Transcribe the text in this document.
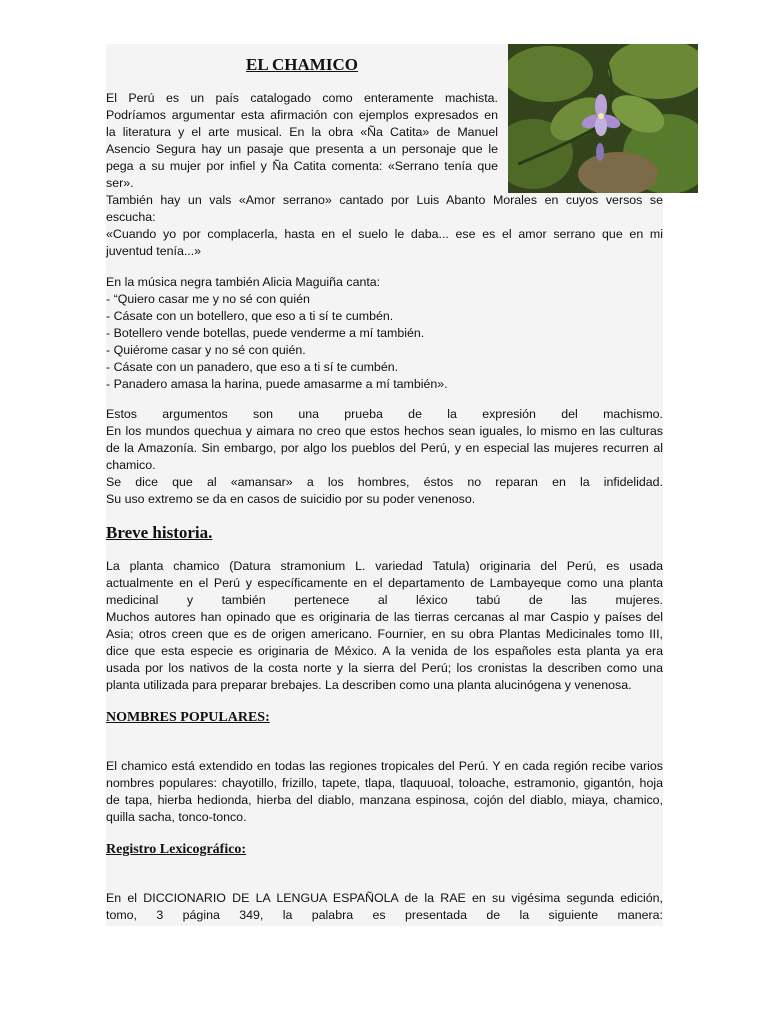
EL CHAMICO

El Perú es un país catalogado como enteramente machista.

Podríamos argumentar esta afirmación con ejemplos expresados en

la literatura y el arte musical. En la obra «Ña Catita» de Manuel

Asencio Segura hay un pasaje que presenta a un personaje que le

pega a su mujer por infiel y Ña Catita comenta: «Serrano tenía que

ser».

También hay un vals «Amor serrano» cantado por Luis Abanto Morales en cuyos versos se

escucha:

«Cuando yo por complacerla, hasta en el suelo le daba... ese es el amor serrano que en mi

juventud tenía...»

En la música negra también Alicia Maguiña canta:

- “Quiero casar me y no sé con quién

- Cásate con un botellero, que eso a ti sí te cumbén.

- Botellero vende botellas, puede venderme a mí también.

- Quiérome casar y no sé con quién.

- Cásate con un panadero, que eso a ti sí te cumbén.

- Panadero amasa la harina, puede amasarme a mí también».

Estos argumentos son una prueba de la expresión del machismo.

En los mundos quechua y aimara no creo que estos hechos sean iguales, lo mismo en las culturas

de la Amazonía. Sin embargo, por algo los pueblos del Perú, y en especial las mujeres recurren al

chamico.

Se dice que al «amansar» a los hombres, éstos no reparan en la infidelidad.

Su uso extremo se da en casos de suicidio por su poder venenoso.

Breve historia.

La planta chamico (Datura stramonium L. variedad Tatula) originaria del Perú, es usada

actualmente en el Perú y específicamente en el departamento de Lambayeque como una planta

medicinal y también pertenece al léxico tabú de las mujeres.

Muchos autores han opinado que es originaria de las tierras cercanas al mar Caspio y países del

Asia; otros creen que es de origen americano. Fournier, en su obra Plantas Medicinales tomo III,

dice que esta especie es originaria de México. A la venida de los españoles esta planta ya era

usada por los nativos de la costa norte y la sierra del Perú; los cronistas la describen como una

planta utilizada para preparar brebajes. La describen como una planta alucinógena y venenosa.

NOMBRES POPULARES:

El chamico está extendido en todas las regiones tropicales del Perú. Y en cada región recibe varios

nombres populares: chayotillo, frizillo, tapete, tlapa, tlaquuoal, toloache, estramonio, gigantón, hoja

de tapa, hierba hedionda, hierba del diablo, manzana espinosa, cojón del diablo, miaya, chamico,

quilla sacha, tonco-tonco.

Registro Lexicográfico:

En el DICCIONARIO DE LA LENGUA ESPAÑOLA de la RAE en su vigésima segunda edición,

tomo, 3 página 349, la palabra es presentada de la siguiente manera:
